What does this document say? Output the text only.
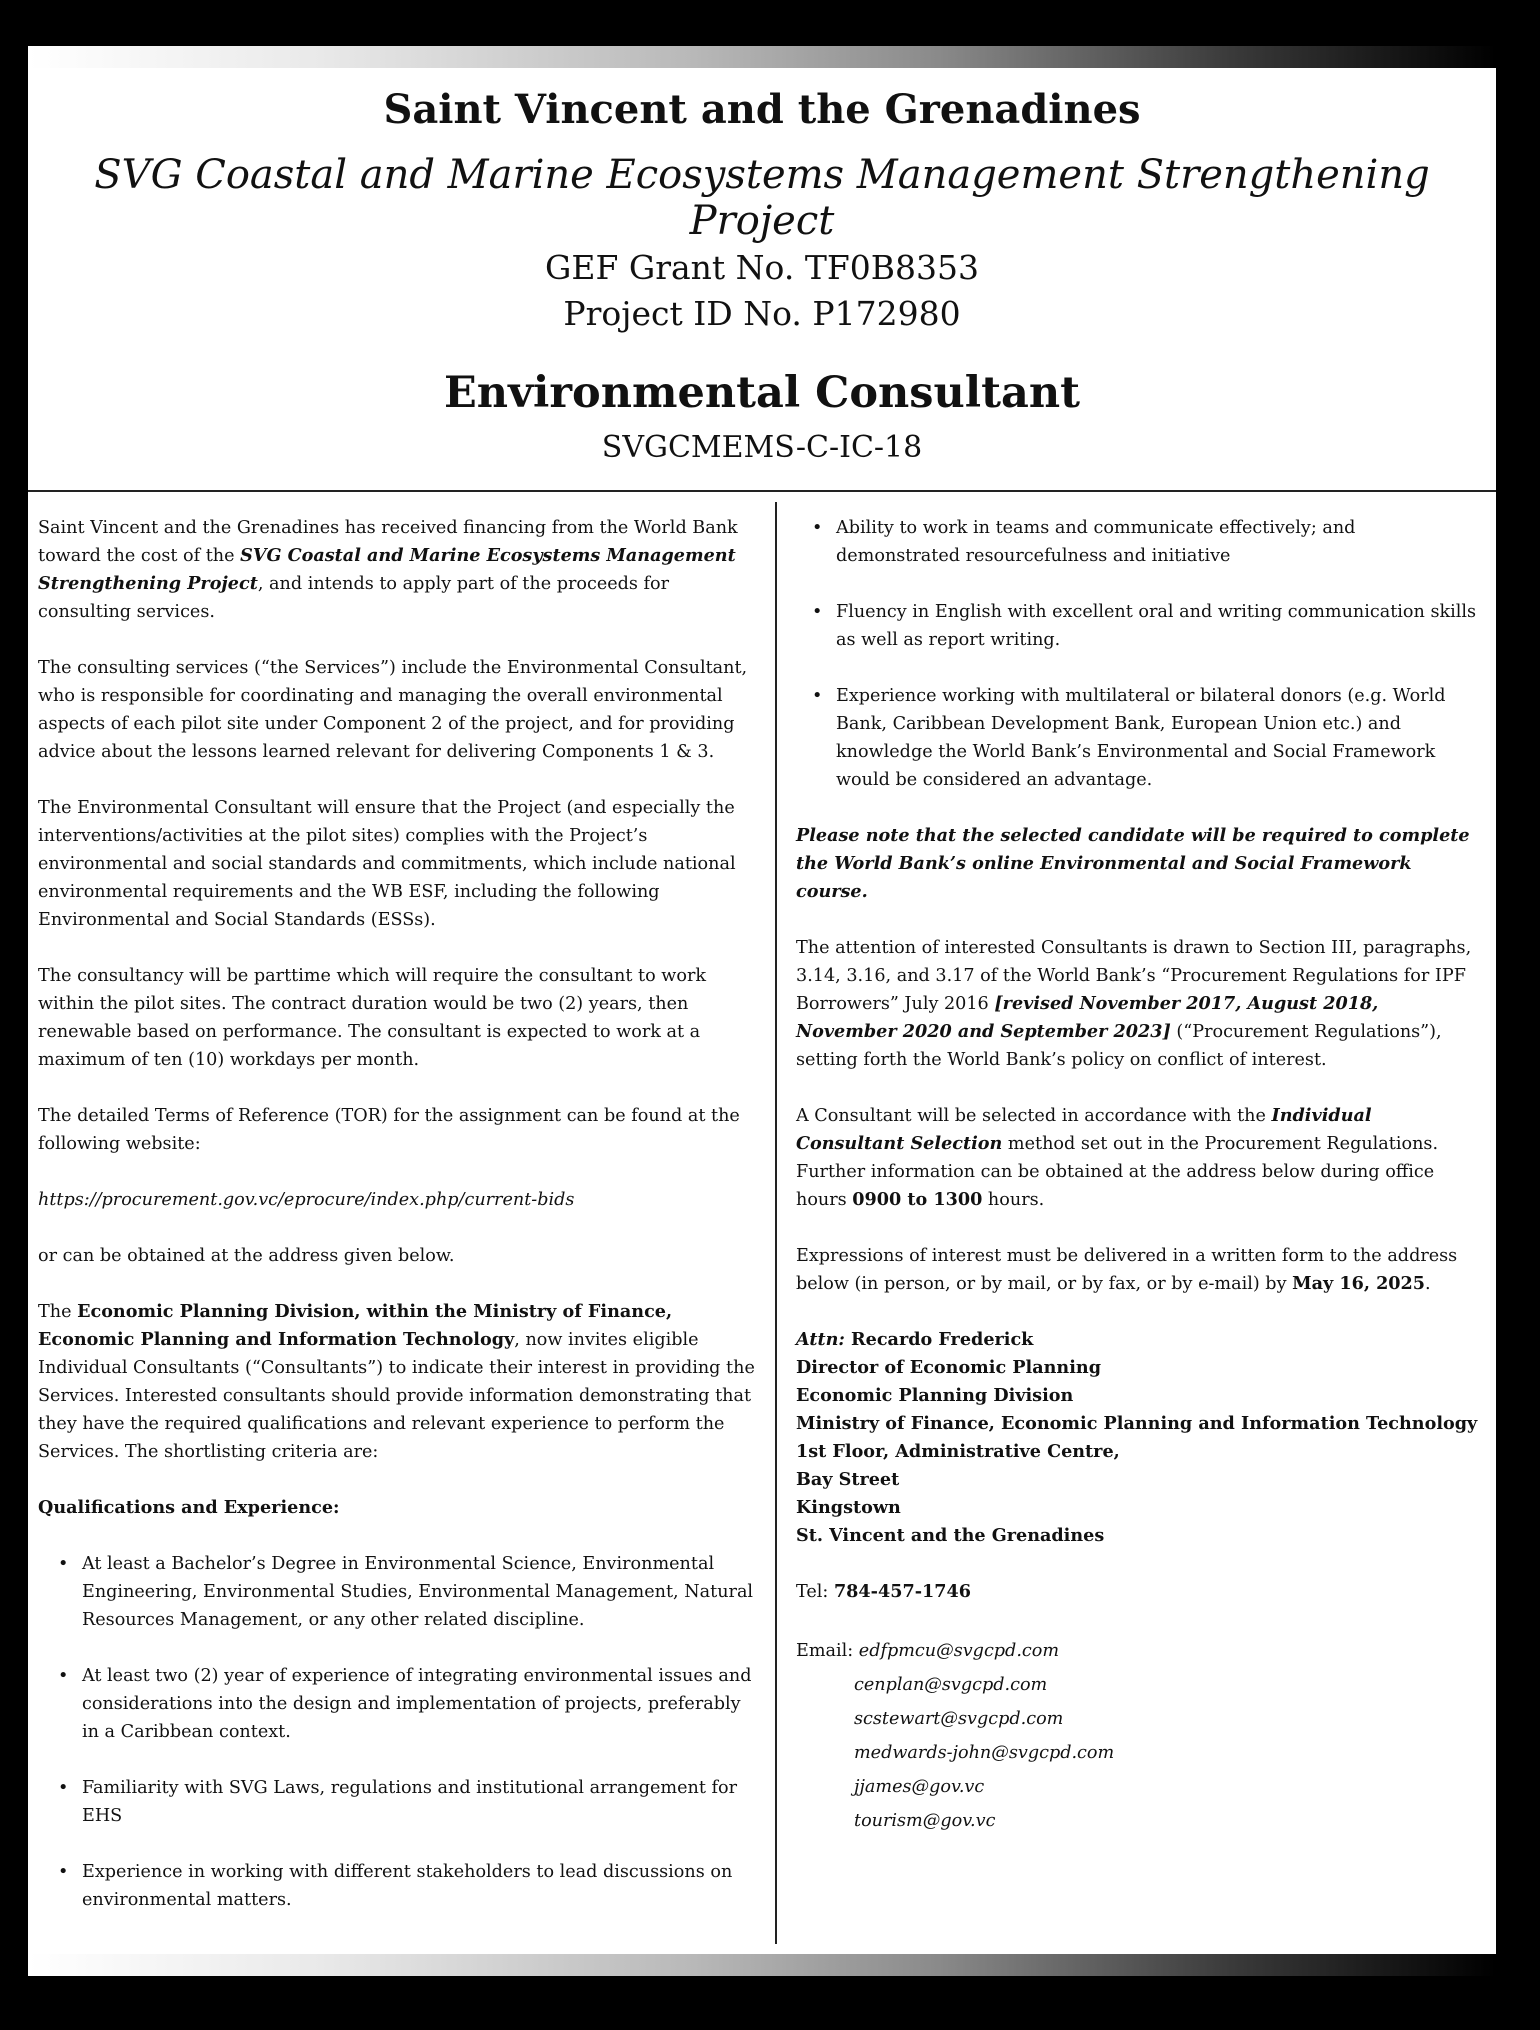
Saint Vincent and the Grenadines
SVG Coastal and Marine Ecosystems Management Strengthening Project
GEF Grant No. TF0B8353
Project ID No. P172980
Environmental Consultant
SVGCMEMS-C-IC-18

Saint Vincent and the Grenadines has received financing from the World Bank toward the cost of the SVG Coastal and Marine Ecosystems Management Strengthening Project, and intends to apply part of the proceeds for consulting services.

The consulting services (“the Services”) include the Environmental Consultant, who is responsible for coordinating and managing the overall environmental aspects of each pilot site under Component 2 of the project, and for providing advice about the lessons learned relevant for delivering Components 1 & 3.

The Environmental Consultant will ensure that the Project (and especially the interventions/activities at the pilot sites) complies with the Project’s environmental and social standards and commitments, which include national environmental requirements and the WB ESF, including the following Environmental and Social Standards (ESSs).

The consultancy will be parttime which will require the consultant to work within the pilot sites. The contract duration would be two (2) years, then renewable based on performance. The consultant is expected to work at a maximum of ten (10) workdays per month.

The detailed Terms of Reference (TOR) for the assignment can be found at the following website:

https://procurement.gov.vc/eprocure/index.php/current-bids

or can be obtained at the address given below.

The Economic Planning Division, within the Ministry of Finance, Economic Planning and Information Technology, now invites eligible Individual Consultants (“Consultants”) to indicate their interest in providing the Services. Interested consultants should provide information demonstrating that they have the required qualifications and relevant experience to perform the Services. The shortlisting criteria are:

Qualifications and Experience:

• At least a Bachelor’s Degree in Environmental Science, Environmental Engineering, Environmental Studies, Environmental Management, Natural Resources Management, or any other related discipline.
• At least two (2) year of experience of integrating environmental issues and considerations into the design and implementation of projects, preferably in a Caribbean context.
• Familiarity with SVG Laws, regulations and institutional arrangement for EHS
• Experience in working with different stakeholders to lead discussions on environmental matters.
• Ability to work in teams and communicate effectively; and demonstrated resourcefulness and initiative
• Fluency in English with excellent oral and writing communication skills as well as report writing.
• Experience working with multilateral or bilateral donors (e.g. World Bank, Caribbean Development Bank, European Union etc.) and knowledge the World Bank’s Environmental and Social Framework would be considered an advantage.

Please note that the selected candidate will be required to complete the World Bank’s online Environmental and Social Framework course.

The attention of interested Consultants is drawn to Section III, paragraphs, 3.14, 3.16, and 3.17 of the World Bank’s “Procurement Regulations for IPF Borrowers” July 2016 [revised November 2017, August 2018, November 2020 and September 2023] (“Procurement Regulations”), setting forth the World Bank’s policy on conflict of interest.

A Consultant will be selected in accordance with the Individual Consultant Selection method set out in the Procurement Regulations. Further information can be obtained at the address below during office hours 0900 to 1300 hours.

Expressions of interest must be delivered in a written form to the address below (in person, or by mail, or by fax, or by e-mail) by May 16, 2025.

Attn: Recardo Frederick
Director of Economic Planning
Economic Planning Division
Ministry of Finance, Economic Planning and Information Technology
1st Floor, Administrative Centre,
Bay Street
Kingstown
St. Vincent and the Grenadines

Tel: 784-457-1746

Email: edfpmcu@svgcpd.com
cenplan@svgcpd.com
scstewart@svgcpd.com
medwards-john@svgcpd.com
jjames@gov.vc
tourism@gov.vc
